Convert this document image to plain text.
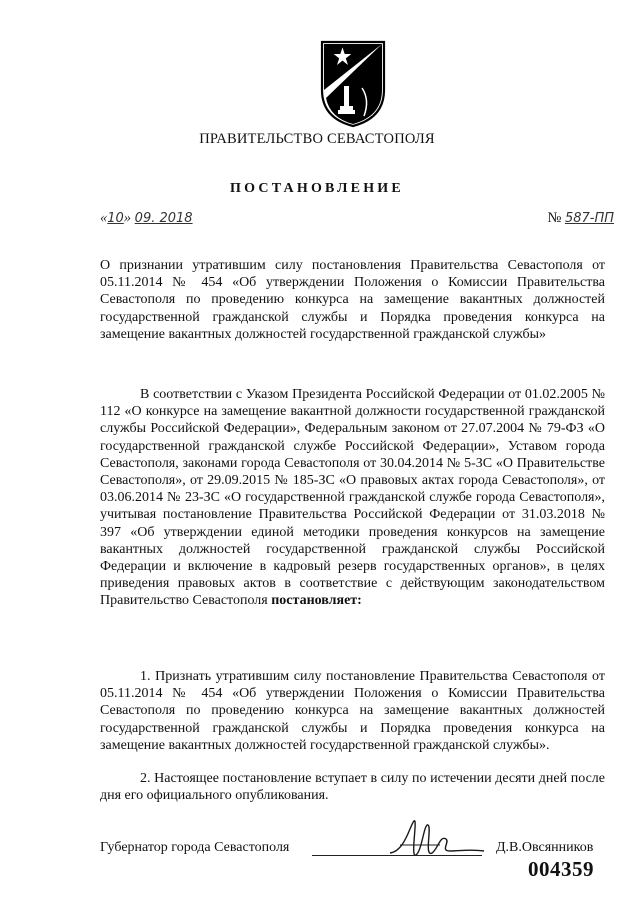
ПРАВИТЕЛЬСТВО СЕВАСТОПОЛЯ
ПОСТАНОВЛЕНИЕ
«10» 09. 2018	№ 587-ПП
О признании утратившим силу постановления Правительства Севастополя от 05.11.2014 № 454 «Об утверждении Положения о Комиссии Правительства Севастополя по проведению конкурса на замещение вакантных должностей государственной гражданской службы и Порядка проведения конкурса на замещение вакантных должностей государственной гражданской службы»
В соответствии с Указом Президента Российской Федерации от 01.02.2005 № 112 «О конкурсе на замещение вакантной должности государственной гражданской службы Российской Федерации», Федеральным законом от 27.07.2004 № 79-ФЗ «О государственной гражданской службе Российской Федерации», Уставом города Севастополя, законами города Севастополя от 30.04.2014 № 5-ЗС «О Правительстве Севастополя», от 29.09.2015 № 185-ЗС «О правовых актах города Севастополя», от 03.06.2014 № 23-ЗС «О государственной гражданской службе города Севастополя», учитывая постановление Правительства Российской Федерации от 31.03.2018 № 397 «Об утверждении единой методики проведения конкурсов на замещение вакантных должностей государственной гражданской службы Российской Федерации и включение в кадровый резерв государственных органов», в целях приведения правовых актов в соответствие с действующим законодательством Правительство Севастополя постановляет:
1. Признать утратившим силу постановление Правительства Севастополя от 05.11.2014 № 454 «Об утверждении Положения о Комиссии Правительства Севастополя по проведению конкурса на замещение вакантных должностей государственной гражданской службы и Порядка проведения конкурса на замещение вакантных должностей государственной гражданской службы».
2. Настоящее постановление вступает в силу по истечении десяти дней после дня его официального опубликования.
Губернатор города Севастополя	Д.В.Овсянников
004359
